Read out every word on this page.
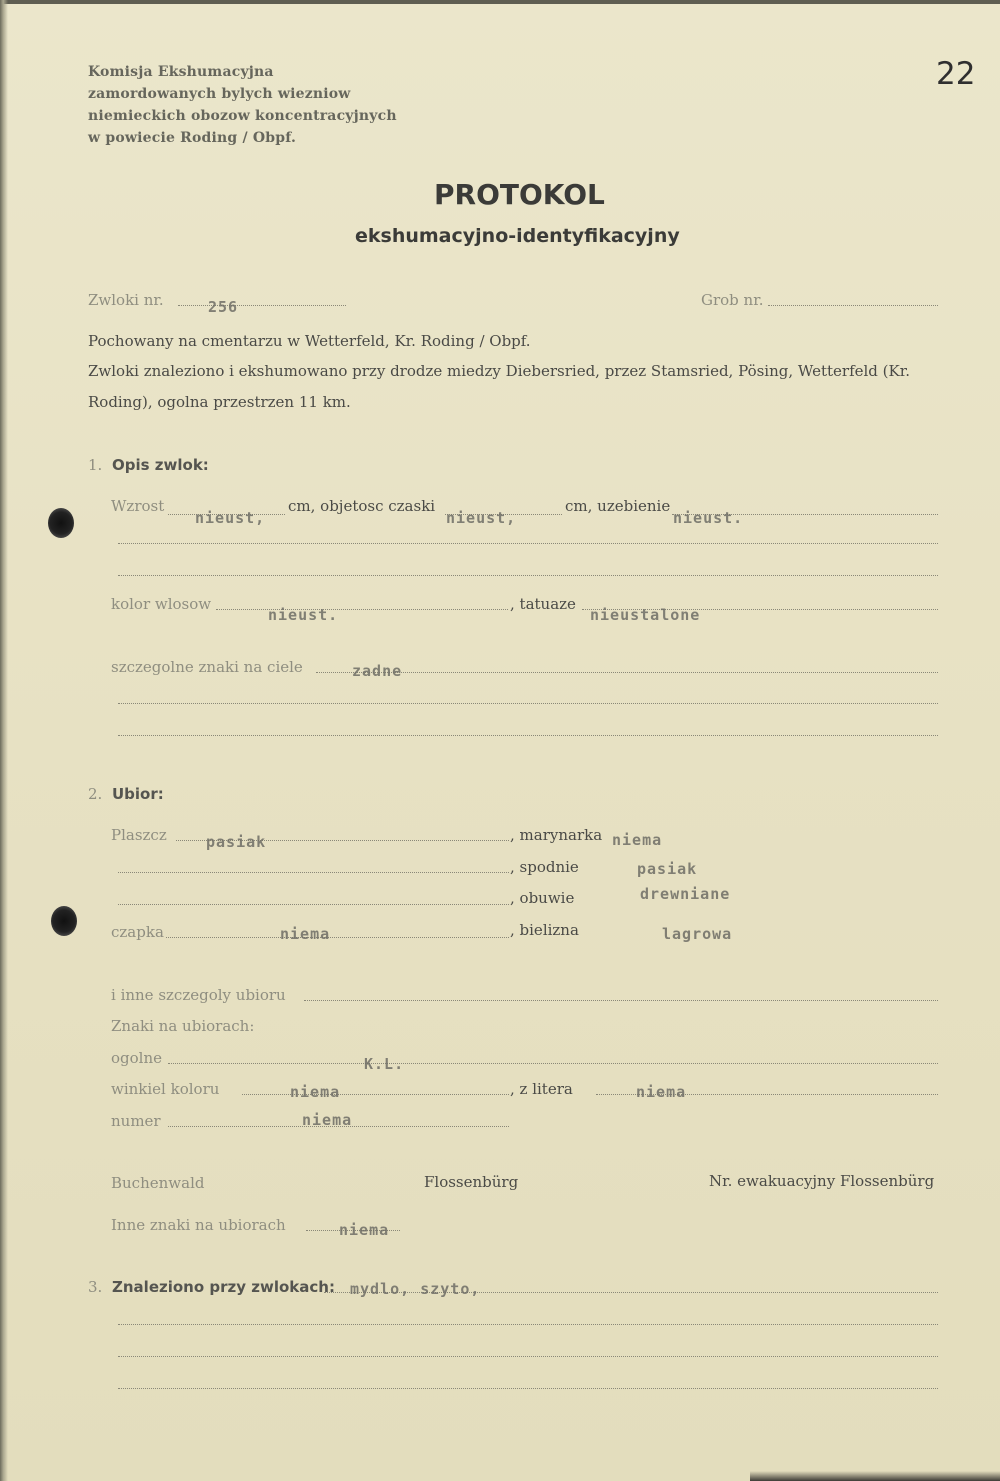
22
Komisja Ekshumacyjna
zamordowanych bylych wiezniow
niemieckich obozow koncentracyjnych
w powiecie Roding / Obpf.
PROTOKOL
ekshumacyjno-identyfikacyjny
Zwloki nr.	256	Grob nr.
Pochowany na cmentarzu w Wetterfeld, Kr. Roding / Obpf.
Zwloki znaleziono i ekshumowano przy drodze miedzy Diebersried, przez Stamsried, Pösing, Wetterfeld (Kr.
Roding), ogolna przestrzen 11 km.
1. Opis zwlok:
Wzrost
nieust,
cm, objetosc czaski
nieust,
cm, uzebienie
nieust.
kolor wlosow
nieust.
, tatuaze
nieustalone
szczegolne znaki na ciele	zadne
2. Ubior:
Plaszcz	pasiak	, marynarka niema
, spodnie	pasiak
, obuwie	drewniane
czapka	niema	, bielizna	lagrowa
i inne szczegoly ubioru
Znaki na ubiorach:
ogolne	K.L.
winkiel koloru	niema	, z litera	niema
numer	niema
Buchenwald	Flossenbürg	Nr. ewakuacyjny Flossenbürg
Inne znaki na ubiorach	niema
3. Znaleziono przy zwlokach: mydlo, szyto,
